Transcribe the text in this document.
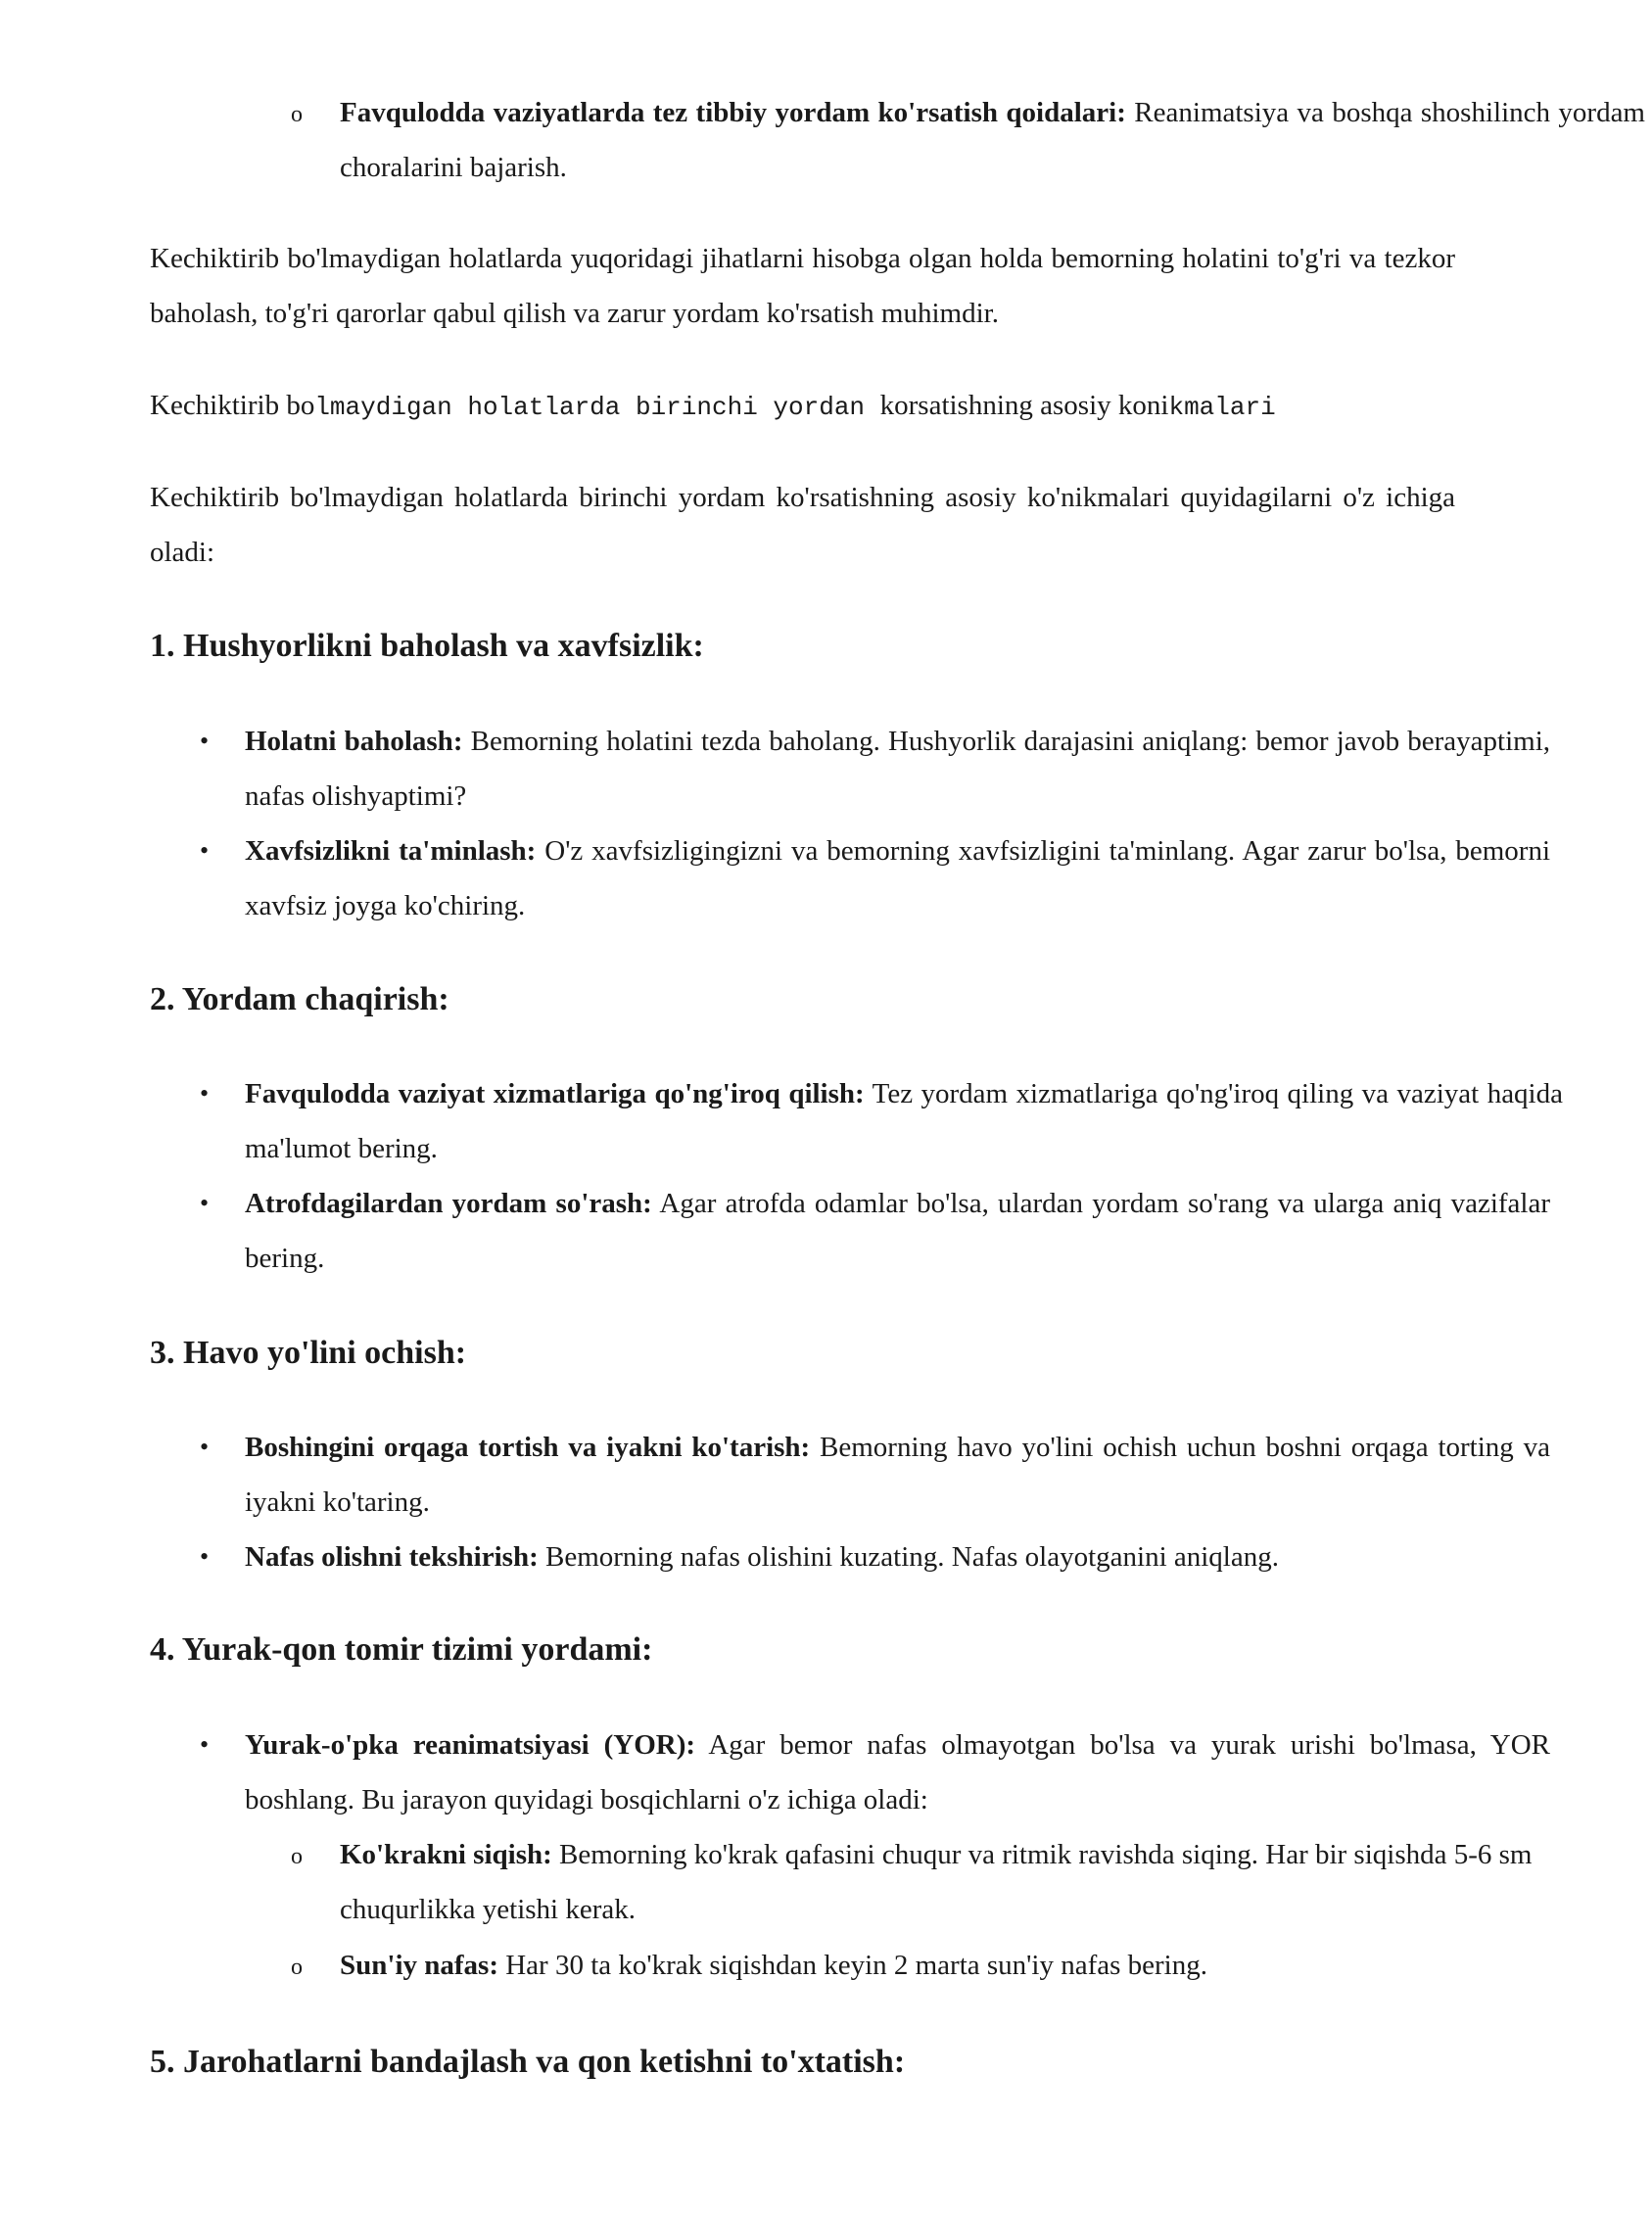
o Favqulodda vaziyatlarda tez tibbiy yordam ko'rsatish qoidalari: Reanimatsiya va boshqa shoshilinch yordam choralarini bajarish.

Kechiktirib bo'lmaydigan holatlarda yuqoridagi jihatlarni hisobga olgan holda bemorning holatini to'g'ri va tezkor baholash, to'g'ri qarorlar qabul qilish va zarur yordam ko'rsatish muhimdir.

Kechiktirib bolmaydigan holatlarda birinchi yordan korsatishning asosiy konikmalari

Kechiktirib bo'lmaydigan holatlarda birinchi yordam ko'rsatishning asosiy ko'nikmalari quyidagilarni o'z ichiga oladi:

1. Hushyorlikni baholash va xavfsizlik:
• Holatni baholash: Bemorning holatini tezda baholang. Hushyorlik darajasini aniqlang: bemor javob berayaptimi, nafas olishyaptimi?
• Xavfsizlikni ta'minlash: O'z xavfsizligingizni va bemorning xavfsizligini ta'minlang. Agar zarur bo'lsa, bemorni xavfsiz joyga ko'chiring.
2. Yordam chaqirish:
• Favqulodda vaziyat xizmatlariga qo'ng'iroq qilish: Tez yordam xizmatlariga qo'ng'iroq qiling va vaziyat haqida ma'lumot bering.
• Atrofdagilardan yordam so'rash: Agar atrofda odamlar bo'lsa, ulardan yordam so'rang va ularga aniq vazifalar bering.
3. Havo yo'lini ochish:
• Boshingini orqaga tortish va iyakni ko'tarish: Bemorning havo yo'lini ochish uchun boshni orqaga torting va iyakni ko'taring.
• Nafas olishni tekshirish: Bemorning nafas olishini kuzating. Nafas olayotganini aniqlang.
4. Yurak-qon tomir tizimi yordami:
• Yurak-o'pka reanimatsiyasi (YOR): Agar bemor nafas olmayotgan bo'lsa va yurak urishi bo'lmasa, YOR boshlang. Bu jarayon quyidagi bosqichlarni o'z ichiga oladi:
o Ko'krakni siqish: Bemorning ko'krak qafasini chuqur va ritmik ravishda siqing. Har bir siqishda 5-6 sm chuqurlikka yetishi kerak.
o Sun'iy nafas: Har 30 ta ko'krak siqishdan keyin 2 marta sun'iy nafas bering.
5. Jarohatlarni bandajlash va qon ketishni to'xtatish:
